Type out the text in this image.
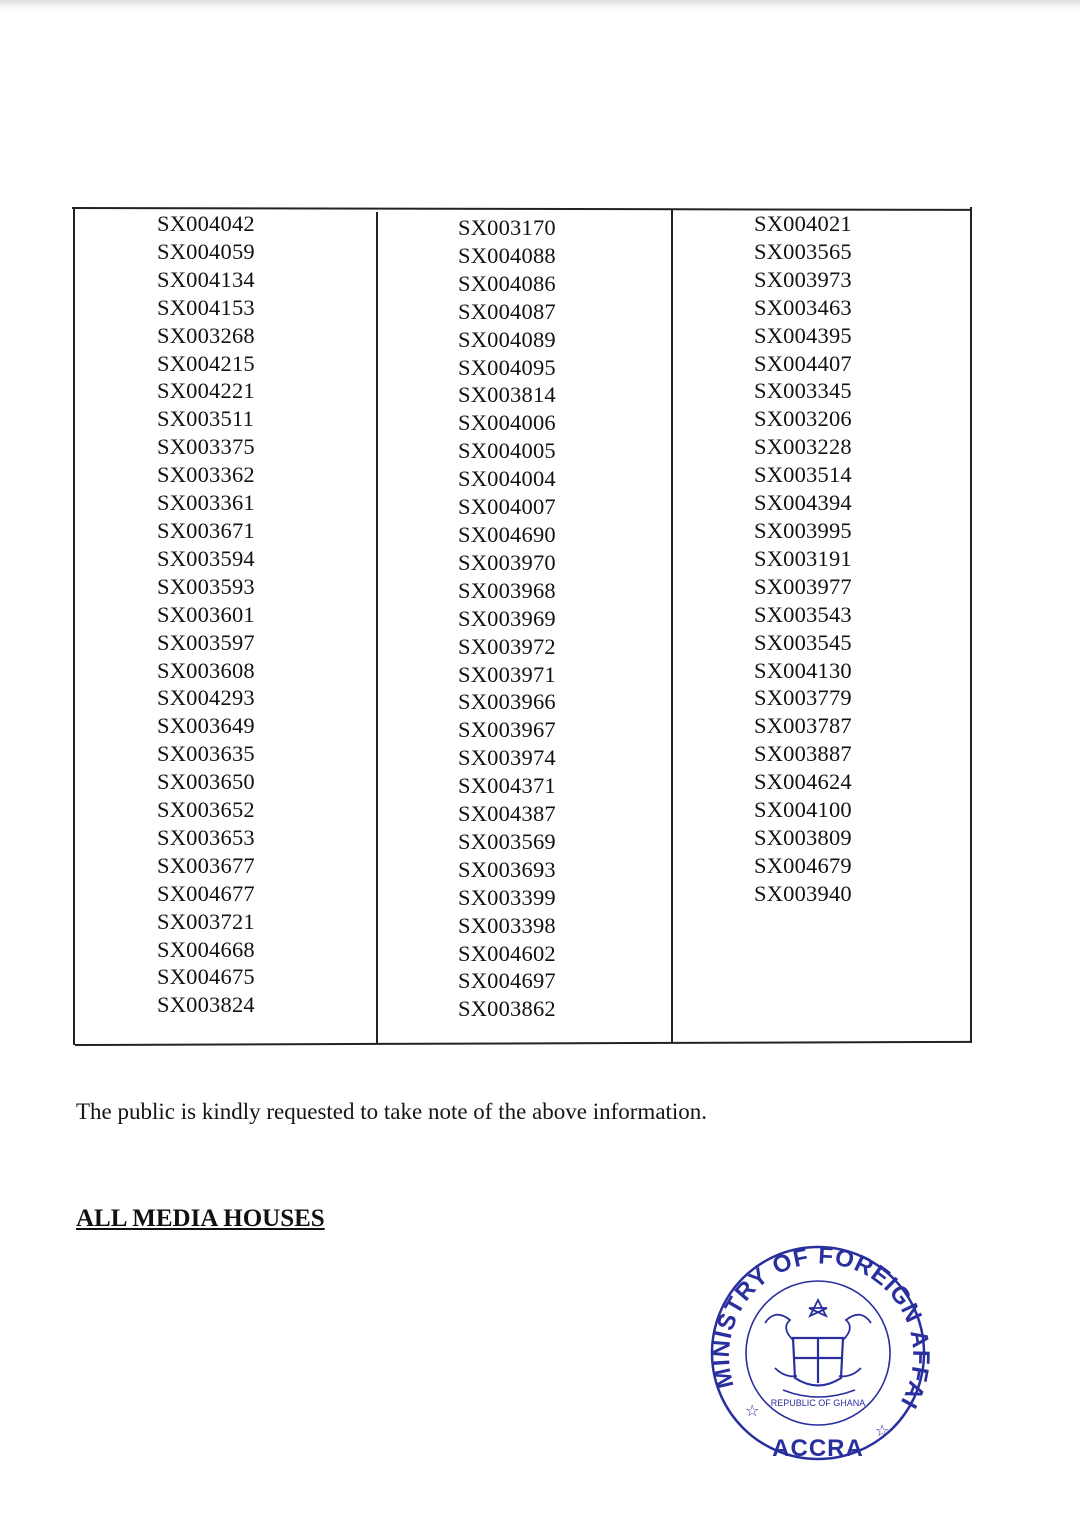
SX004042
SX004059
SX004134
SX004153
SX003268
SX004215
SX004221
SX003511
SX003375
SX003362
SX003361
SX003671
SX003594
SX003593
SX003601
SX003597
SX003608
SX004293
SX003649
SX003635
SX003650
SX003652
SX003653
SX003677
SX004677
SX003721
SX004668
SX004675
SX003824
SX003170
SX004088
SX004086
SX004087
SX004089
SX004095
SX003814
SX004006
SX004005
SX004004
SX004007
SX004690
SX003970
SX003968
SX003969
SX003972
SX003971
SX003966
SX003967
SX003974
SX004371
SX004387
SX003569
SX003693
SX003399
SX003398
SX004602
SX004697
SX003862
SX004021
SX003565
SX003973
SX003463
SX004395
SX004407
SX003345
SX003206
SX003228
SX003514
SX004394
SX003995
SX003191
SX003977
SX003543
SX003545
SX004130
SX003779
SX003787
SX003887
SX004624
SX004100
SX003809
SX004679
SX003940
The public is kindly requested to take note of the above information.
ALL MEDIA HOUSES
MINISTRY OF FOREIGN AI
REPUBLIC OF GHANA
ACCRA
☆
☆
